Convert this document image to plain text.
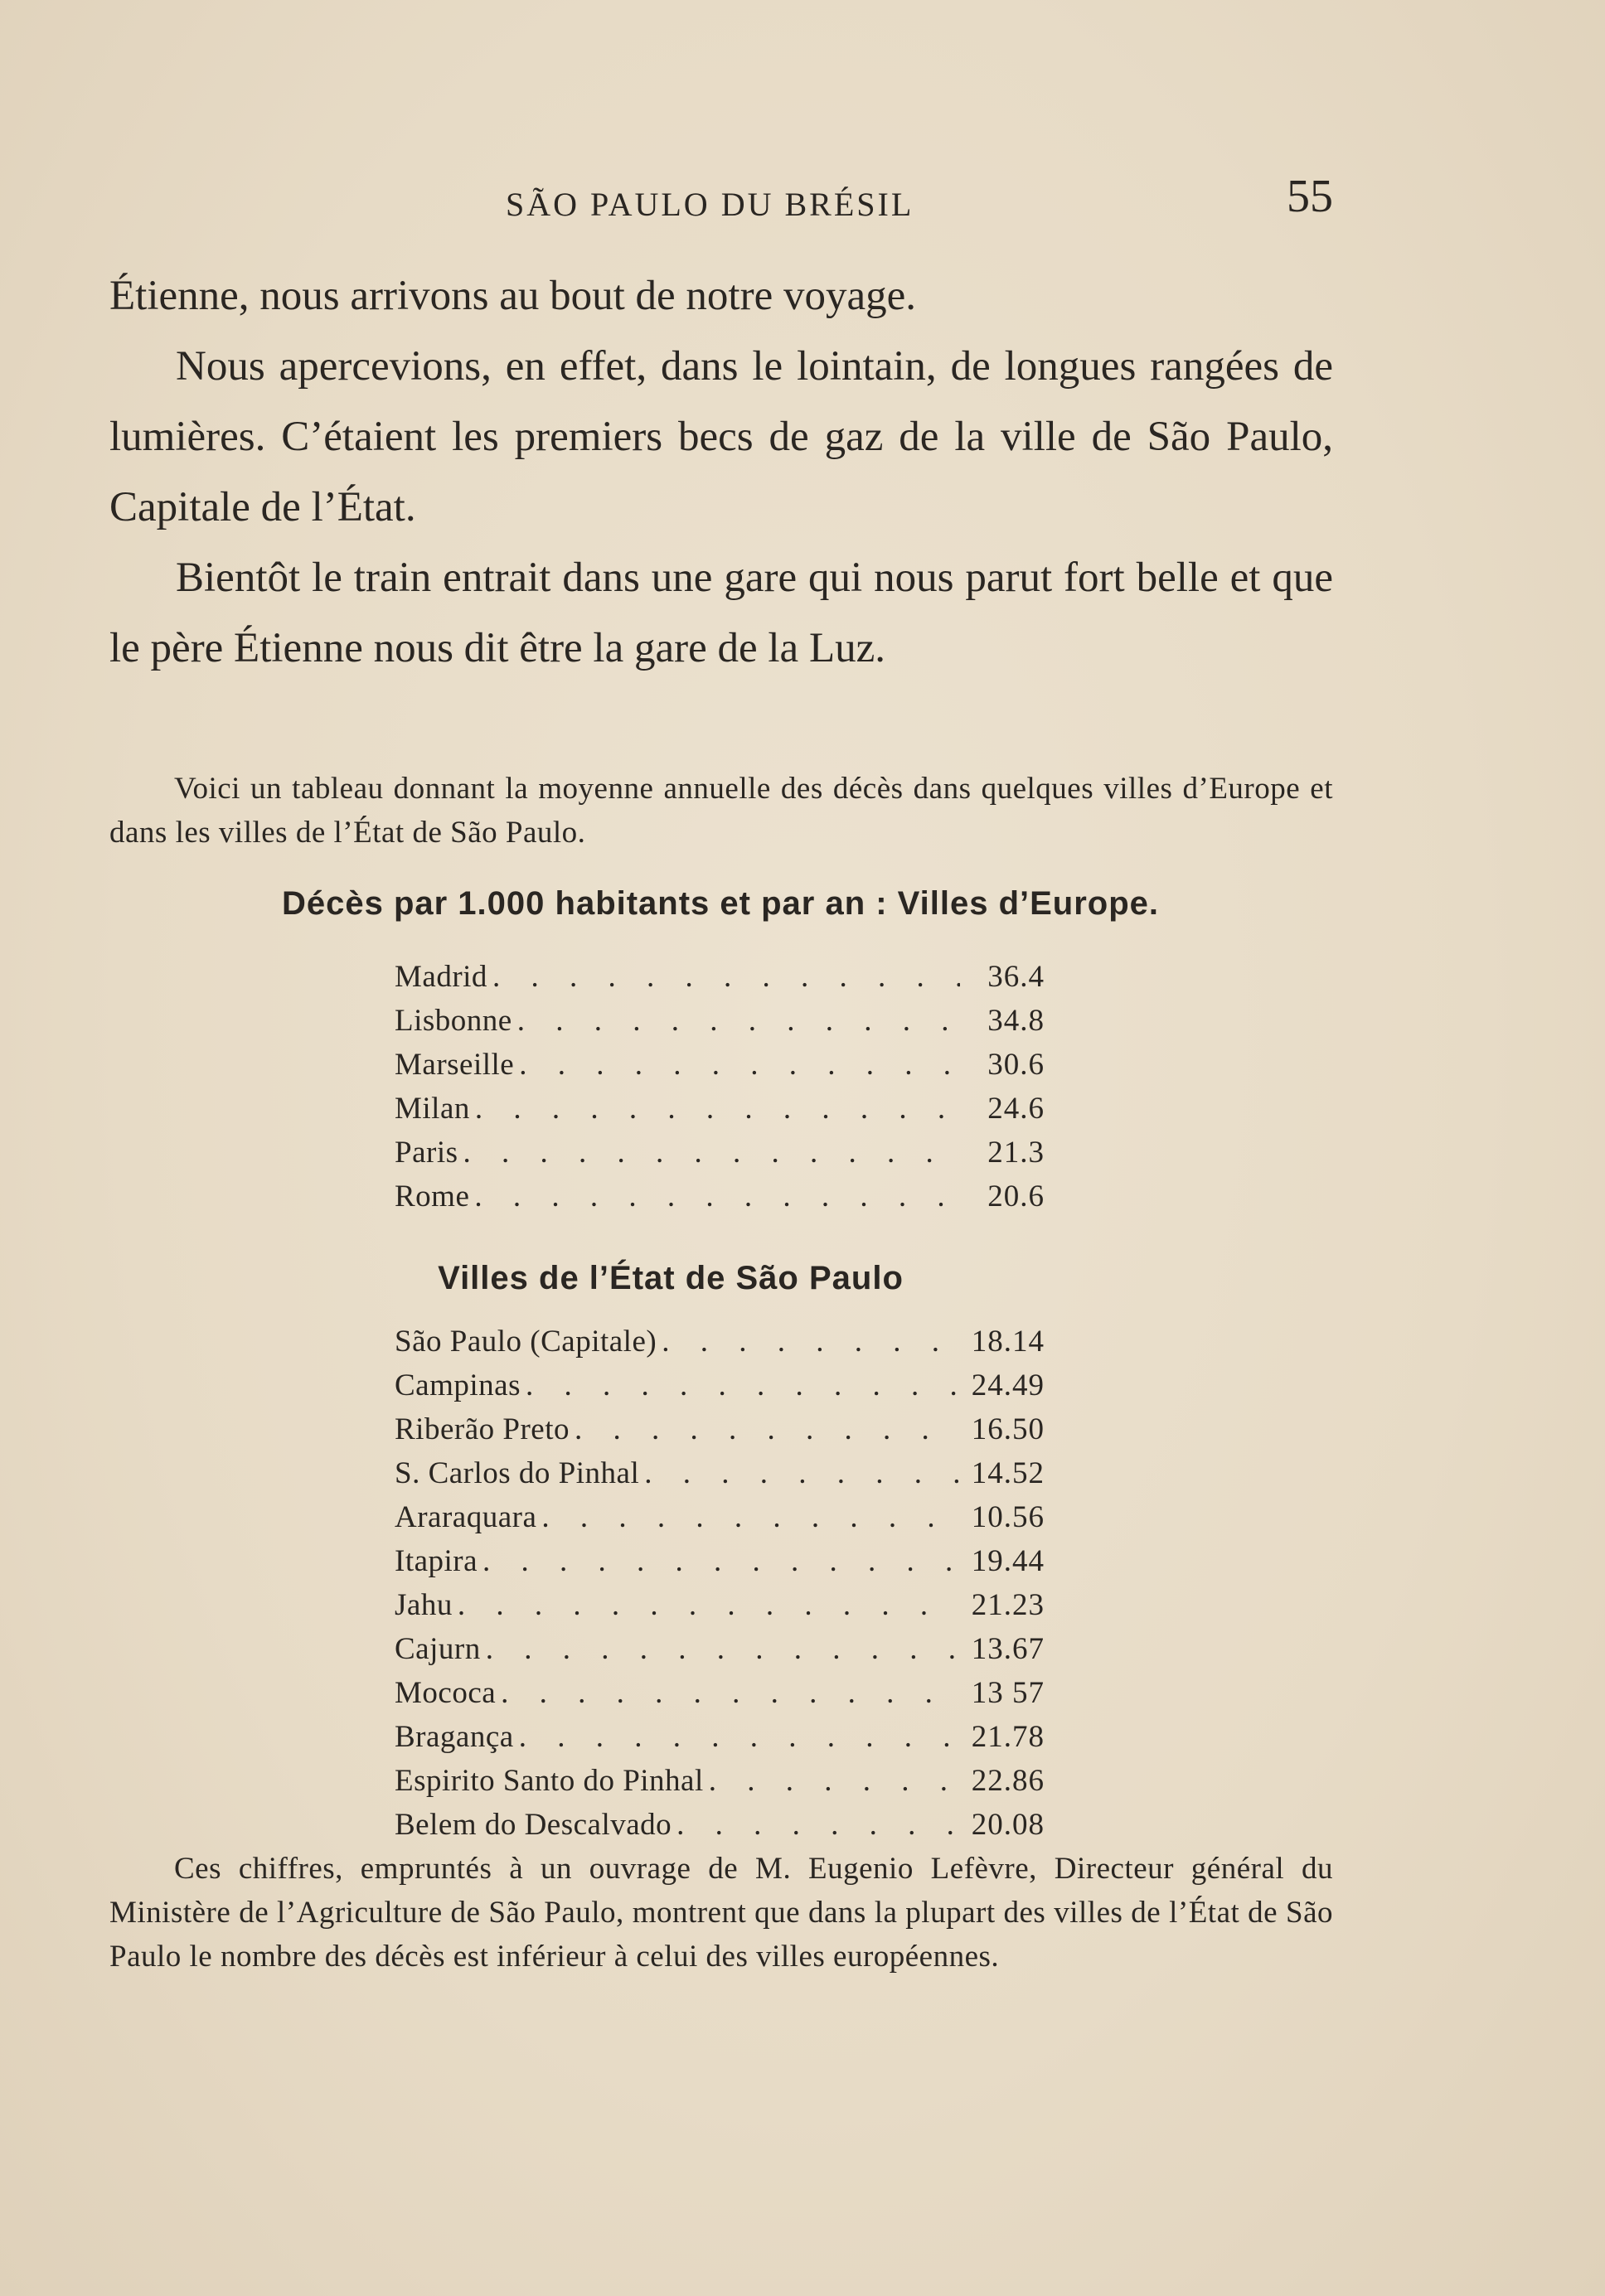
SÃO PAULO DU BRÉSIL	55

Étienne, nous arrivons au bout de notre voyage.

Nous apercevions, en effet, dans le lointain, de longues rangées de lumières. C’étaient les premiers becs de gaz de la ville de São Paulo, Capitale de l’État.

Bientôt le train entrait dans une gare qui nous parut fort belle et que le père Étienne nous dit être la gare de la Luz.

Voici un tableau donnant la moyenne annuelle des décès dans quelques villes d’Europe et dans les villes de l’État de São Paulo.

Décès par 1.000 habitants et par an : Villes d’Europe.
Madrid . . .	36.4
Lisbonne . . .	34.8
Marseille . . .	30.6
Milan . . .	24.6
Paris . . .	21.3
Rome . . .	20.6
Villes de l’État de São Paulo
São Paulo (Capitale) . . .	18.14
Campinas . . .	24.49
Riberão Preto . . .	16.50
S. Carlos do Pinhal . . .	14.52
Araraquara . . .	10.56
Itapira . . .	19.44
Jahu . . .	21.23
Cajurn . . .	13.67
Mococa . . .	13 57
Bragança . . .	21.78
Espirito Santo do Pinhal . . .	22.86
Belem do Descalvado . . .	20.08

Ces chiffres, empruntés à un ouvrage de M. Eugenio Lefèvre, Directeur général du Ministère de l’Agriculture de São Paulo, montrent que dans la plupart des villes de l’État de São Paulo le nombre des décès est inférieur à celui des villes européennes.
